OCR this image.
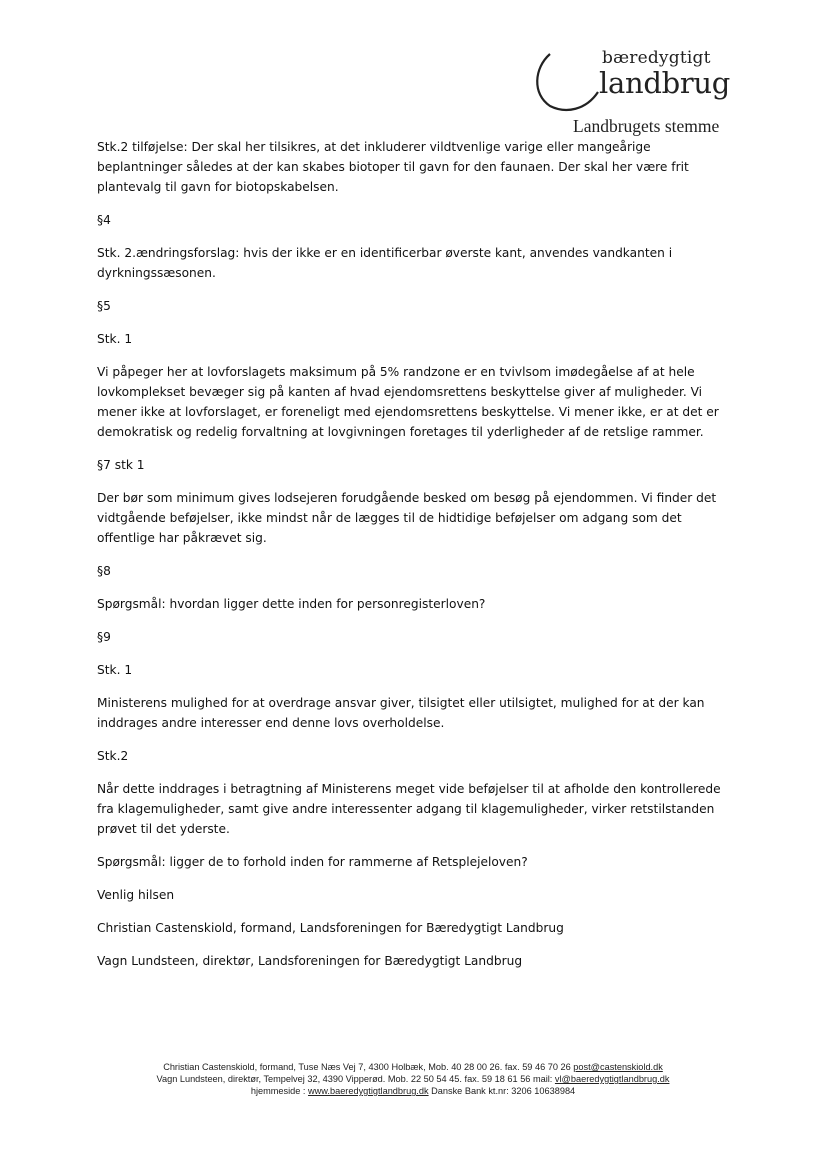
bæredygtigt
landbrug
Landbrugets stemme

Stk.2 tilføjelse: Der skal her tilsikres, at det inkluderer vildtvenlige varige eller mangeårige beplantninger således at der kan skabes biotoper til gavn for den faunaen. Der skal her være frit plantevalg til gavn for biotopskabelsen.

§4

Stk. 2.ændringsforslag: hvis der ikke er en identificerbar øverste kant, anvendes vandkanten i dyrkningssæsonen.

§5

Stk. 1

Vi påpeger her at lovforslagets maksimum på 5% randzone er en tvivlsom imødegåelse af at hele lovkomplekset bevæger sig på kanten af hvad ejendomsrettens beskyttelse giver af muligheder. Vi mener ikke at lovforslaget, er foreneligt med ejendomsrettens beskyttelse. Vi mener ikke, er at det er demokratisk og redelig forvaltning at lovgivningen foretages til yderligheder af de retslige rammer.

§7 stk 1

Der bør som minimum gives lodsejeren forudgående besked om besøg på ejendommen. Vi finder det vidtgående beføjelser, ikke mindst når de lægges til de hidtidige beføjelser om adgang som det offentlige har påkrævet sig.

§8

Spørgsmål: hvordan ligger dette inden for personregisterloven?

§9

Stk. 1

Ministerens mulighed for at overdrage ansvar giver, tilsigtet eller utilsigtet, mulighed for at der kan inddrages andre interesser end denne lovs overholdelse.

Stk.2

Når dette inddrages i betragtning af Ministerens meget vide beføjelser til at afholde den kontrollerede fra klagemuligheder, samt give andre interessenter adgang til klagemuligheder, virker retstilstanden prøvet til det yderste.

Spørgsmål: ligger de to forhold inden for rammerne af Retsplejeloven?

Venlig hilsen

Christian Castenskiold, formand, Landsforeningen for Bæredygtigt Landbrug

Vagn Lundsteen, direktør, Landsforeningen for Bæredygtigt Landbrug

Christian Castenskiold, formand, Tuse Næs Vej 7, 4300 Holbæk, Mob. 40 28 00 26. fax. 59 46 70 26 post@castenskiold.dk
Vagn Lundsteen, direktør, Tempelvej 32, 4390 Vipperød. Mob. 22 50 54 45. fax. 59 18 61 56 mail: vl@baeredygtigtlandbrug.dk
hjemmeside : www.baeredygtigtlandbrug.dk Danske Bank kt.nr: 3206 10638984
